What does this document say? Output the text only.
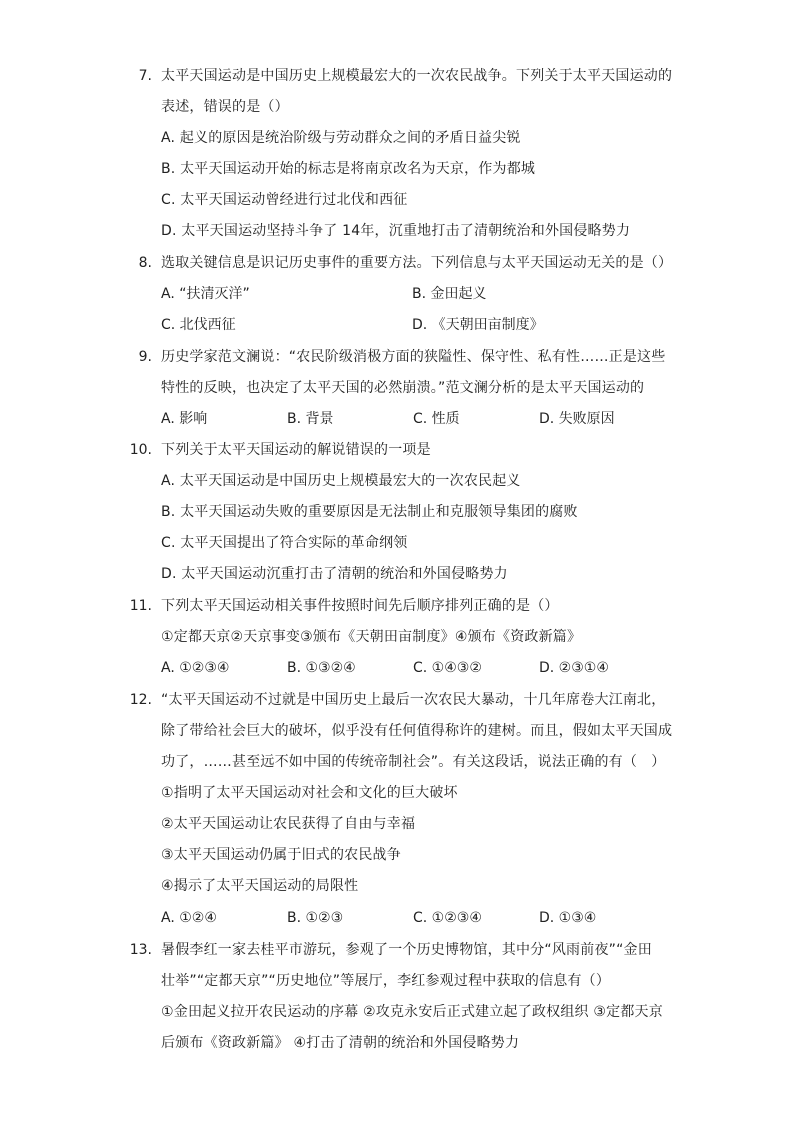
7. 太平天国运动是中国历史上规模最宏大的一次农民战争。下列关于太平天国运动的
表述，错误的是（）
A. 起义的原因是统治阶级与劳动群众之间的矛盾日益尖锐
B. 太平天国运动开始的标志是将南京改名为天京，作为都城
C. 太平天国运动曾经进行过北伐和西征
D. 太平天国运动坚持斗争了 14年，沉重地打击了清朝统治和外国侵略势力
8. 选取关键信息是识记历史事件的重要方法。下列信息与太平天国运动无关的是（）
A. “扶清灭洋”	B. 金田起义
C. 北伐西征	D. 《天朝田亩制度》
9. 历史学家范文澜说：“农民阶级消极方面的狭隘性、保守性、私有性……正是这些
特性的反映，也决定了太平天国的必然崩溃。”范文澜分析的是太平天国运动的
A. 影响	B. 背景	C. 性质	D. 失败原因
10. 下列关于太平天国运动的解说错误的一项是
A. 太平天国运动是中国历史上规模最宏大的一次农民起义
B. 太平天国运动失败的重要原因是无法制止和克服领导集团的腐败
C. 太平天国提出了符合实际的革命纲领
D. 太平天国运动沉重打击了清朝的统治和外国侵略势力
11. 下列太平天国运动相关事件按照时间先后顺序排列正确的是（）
①定都天京②天京事变③颁布《天朝田亩制度》④颁布《资政新篇》
A. ①②③④	B. ①③②④	C. ①④③②	D. ②③①④
12. “太平天国运动不过就是中国历史上最后一次农民大暴动，十几年席卷大江南北，
除了带给社会巨大的破坏，似乎没有任何值得称许的建树。而且，假如太平天国成
功了，……甚至远不如中国的传统帝制社会”。有关这段话，说法正确的有（　）
①指明了太平天国运动对社会和文化的巨大破坏
②太平天国运动让农民获得了自由与幸福
③太平天国运动仍属于旧式的农民战争
④揭示了太平天国运动的局限性
A. ①②④	B. ①②③	C. ①②③④	D. ①③④
13. 暑假李红一家去桂平市游玩，参观了一个历史博物馆，其中分“风雨前夜”“金田
壮举”“定都天京”“历史地位”等展厅，李红参观过程中获取的信息有（）
①金田起义拉开农民运动的序幕 ②攻克永安后正式建立起了政权组织 ③定都天京
后颁布《资政新篇》 ④打击了清朝的统治和外国侵略势力
